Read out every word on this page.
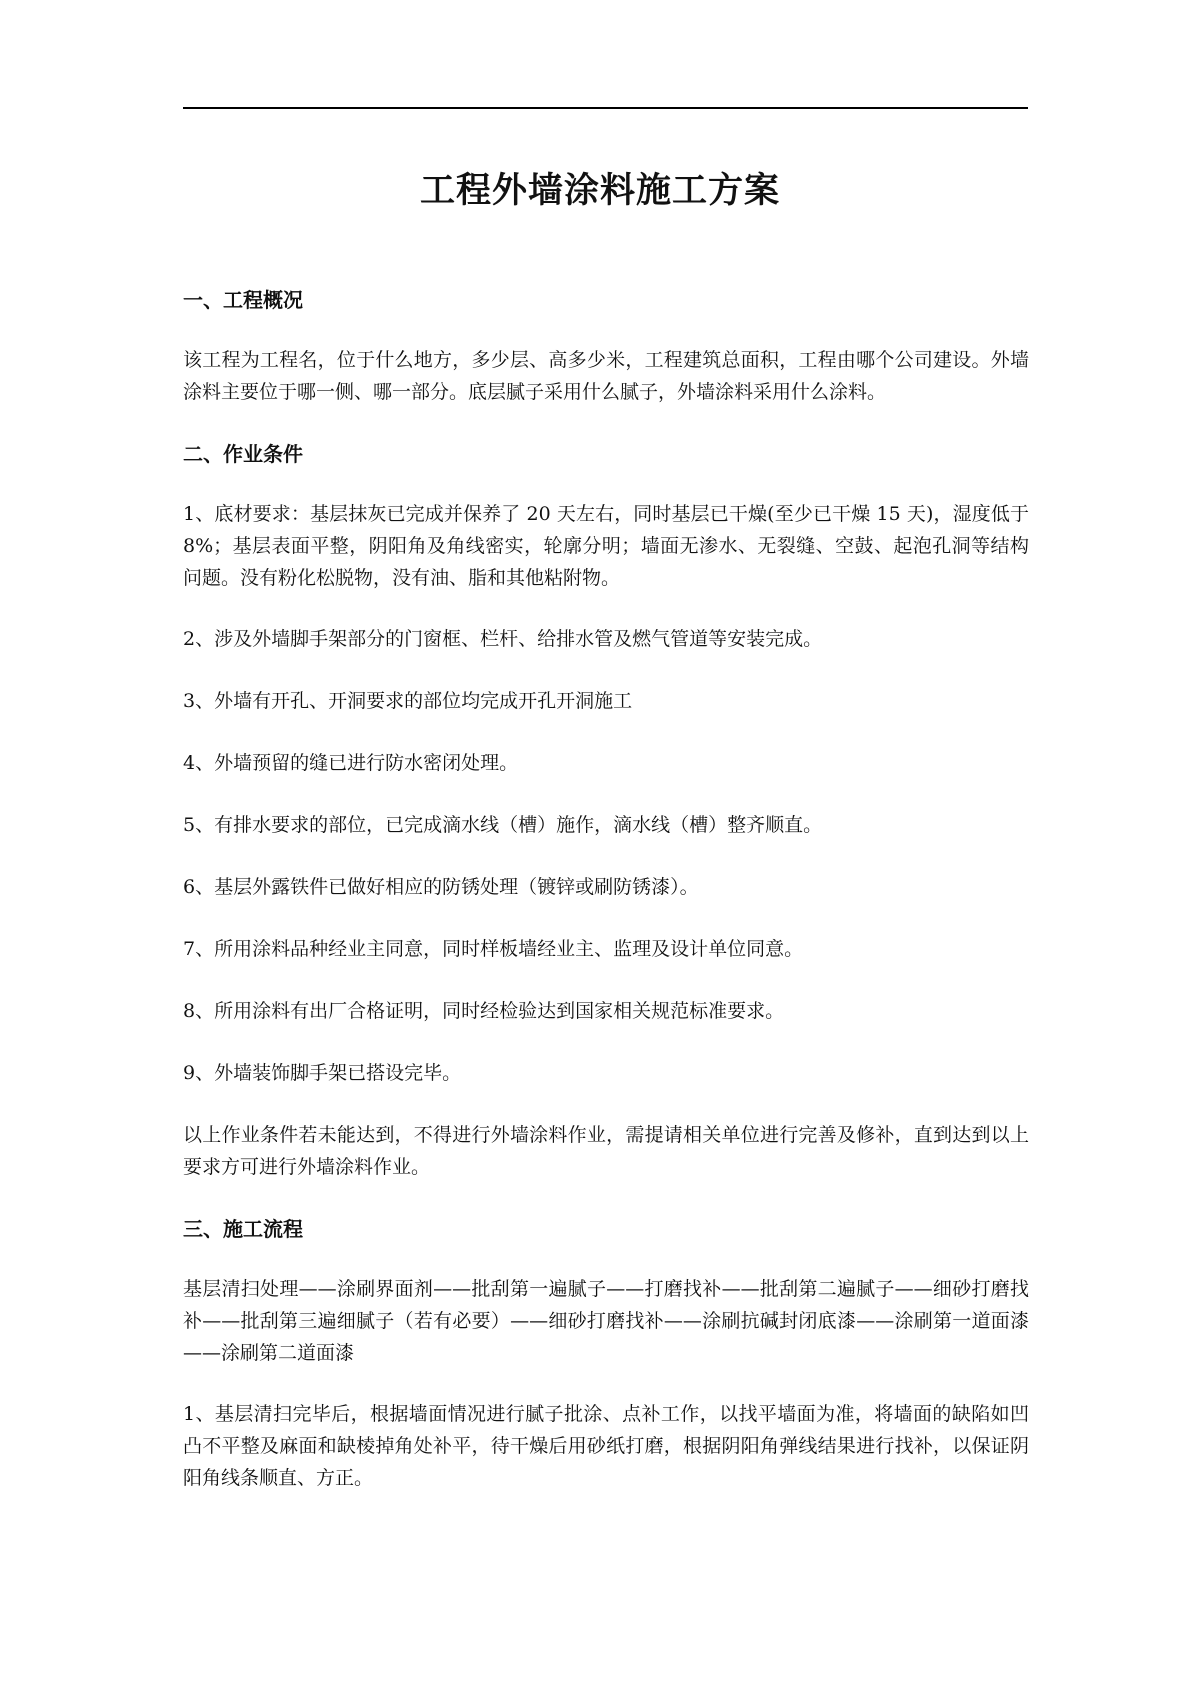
工程外墙涂料施工方案
一、工程概况

该工程为工程名，位于什么地方，多少层、高多少米，工程建筑总面积，工程由哪个公司建设。外墙涂料主要位于哪一侧、哪一部分。底层腻子采用什么腻子，外墙涂料采用什么涂料。

二、作业条件

1、底材要求：基层抹灰已完成并保养了 20 天左右，同时基层已干燥(至少已干燥 15 天)，湿度低于 8%；基层表面平整，阴阳角及角线密实，轮廓分明；墙面无渗水、无裂缝、空鼓、起泡孔洞等结构问题。没有粉化松脱物，没有油、脂和其他粘附物。

2、涉及外墙脚手架部分的门窗框、栏杆、给排水管及燃气管道等安装完成。

3、外墙有开孔、开洞要求的部位均完成开孔开洞施工

4、外墙预留的缝已进行防水密闭处理。

5、有排水要求的部位，已完成滴水线（槽）施作，滴水线（槽）整齐顺直。

6、基层外露铁件已做好相应的防锈处理（镀锌或刷防锈漆）。

7、所用涂料品种经业主同意，同时样板墙经业主、监理及设计单位同意。

8、所用涂料有出厂合格证明，同时经检验达到国家相关规范标准要求。

9、外墙装饰脚手架已搭设完毕。

以上作业条件若未能达到，不得进行外墙涂料作业，需提请相关单位进行完善及修补，直到达到以上要求方可进行外墙涂料作业。

三、施工流程

基层清扫处理——涂刷界面剂——批刮第一遍腻子——打磨找补——批刮第二遍腻子——细砂打磨找补——批刮第三遍细腻子（若有必要）——细砂打磨找补——涂刷抗碱封闭底漆——涂刷第一道面漆——涂刷第二道面漆

1、基层清扫完毕后，根据墙面情况进行腻子批涂、点补工作，以找平墙面为准，将墙面的缺陷如凹凸不平整及麻面和缺棱掉角处补平，待干燥后用砂纸打磨，根据阴阳角弹线结果进行找补，以保证阴阳角线条顺直、方正。
